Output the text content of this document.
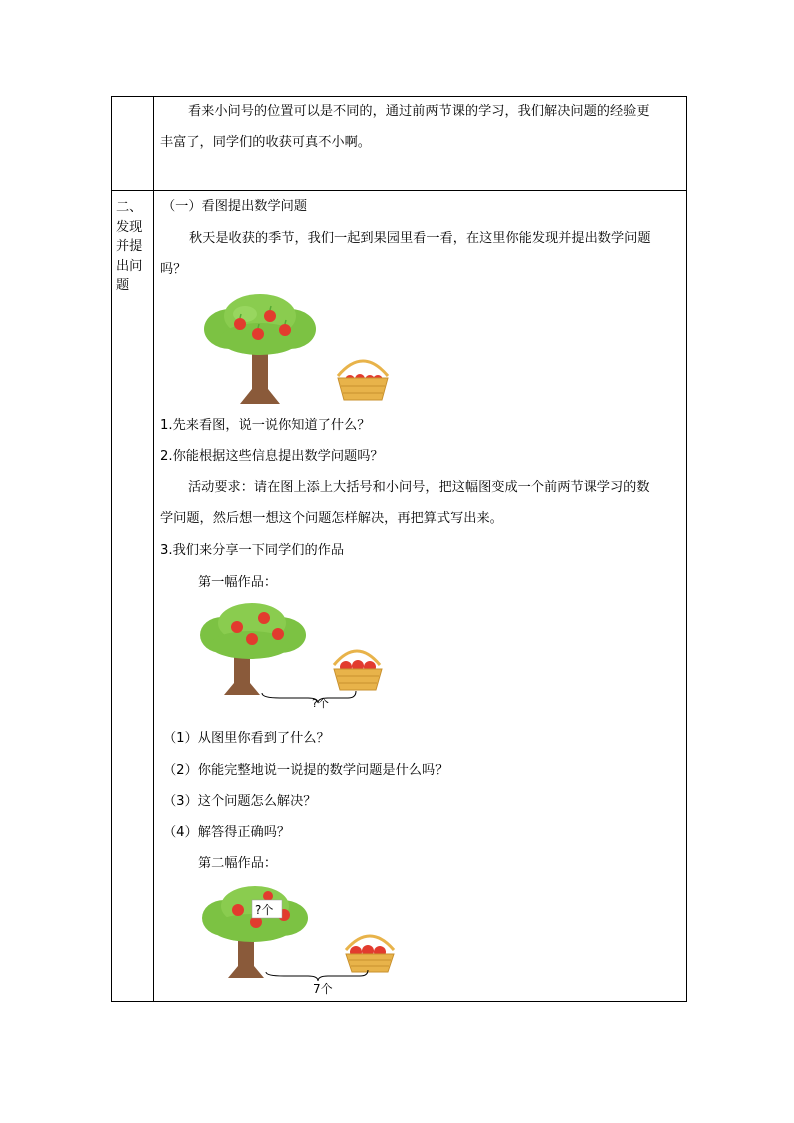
看来小问号的位置可以是不同的，通过前两节课的学习，我们解决问题的经验更
丰富了，同学们的收获可真不小啊。
二、
发现
并提
出问
题
（一）看图提出数学问题
秋天是收获的季节，我们一起到果园里看一看，在这里你能发现并提出数学问题
吗？
1.先来看图，说一说你知道了什么？
2.你能根据这些信息提出数学问题吗？
活动要求：请在图上添上大括号和小问号，把这幅图变成一个前两节课学习的数
学问题，然后想一想这个问题怎样解决，再把算式写出来。
3.我们来分享一下同学们的作品
第一幅作品：
?个
（1）从图里你看到了什么？
（2）你能完整地说一说提的数学问题是什么吗？
（3）这个问题怎么解决？
（4）解答得正确吗？
第二幅作品：
?个
7个
